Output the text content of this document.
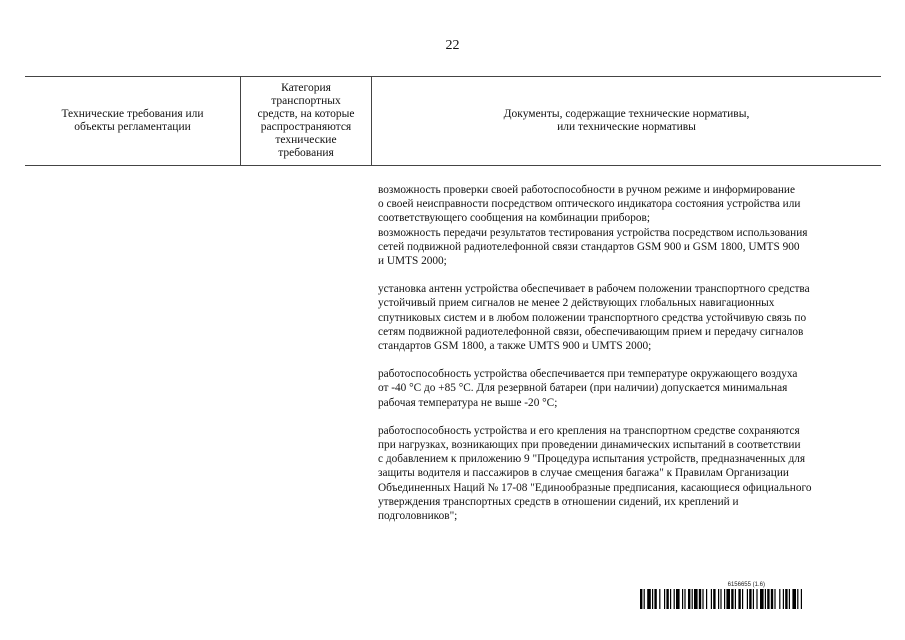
22
Технические требования или
объекты регламентации
Категория
транспортных
средств, на которые
распространяются
технические
требования
Документы, содержащие технические нормативы,
или технические нормативы

возможность проверки своей работоспособности в ручном режиме и информирование
о своей неисправности посредством оптического индикатора состояния устройства или
соответствующего сообщения на комбинации приборов;
возможность передачи результатов тестирования устройства посредством использования
сетей подвижной радиотелефонной связи стандартов GSM 900 и GSM 1800, UMTS 900
и UMTS 2000;

установка антенн устройства обеспечивает в рабочем положении транспортного средства
устойчивый прием сигналов не менее 2 действующих глобальных навигационных
спутниковых систем и в любом положении транспортного средства устойчивую связь по
сетям подвижной радиотелефонной связи, обеспечивающим прием и передачу сигналов
стандартов GSM 1800, а также UMTS 900 и UMTS 2000;

работоспособность устройства обеспечивается при температуре окружающего воздуха
от -40 °С до +85 °С. Для резервной батареи (при наличии) допускается минимальная
рабочая температура не выше -20 °С;

работоспособность устройства и его крепления на транспортном средстве сохраняются
при нагрузках, возникающих при проведении динамических испытаний в соответствии
с добавлением к приложению 9 "Процедура испытания устройств, предназначенных для
защиты водителя и пассажиров в случае смещения багажа" к Правилам Организации
Объединенных Наций № 17-08 "Единообразные предписания, касающиеся официального
утверждения транспортных средств в отношении сидений, их креплений и
подголовников";

6156655 (1.6)
